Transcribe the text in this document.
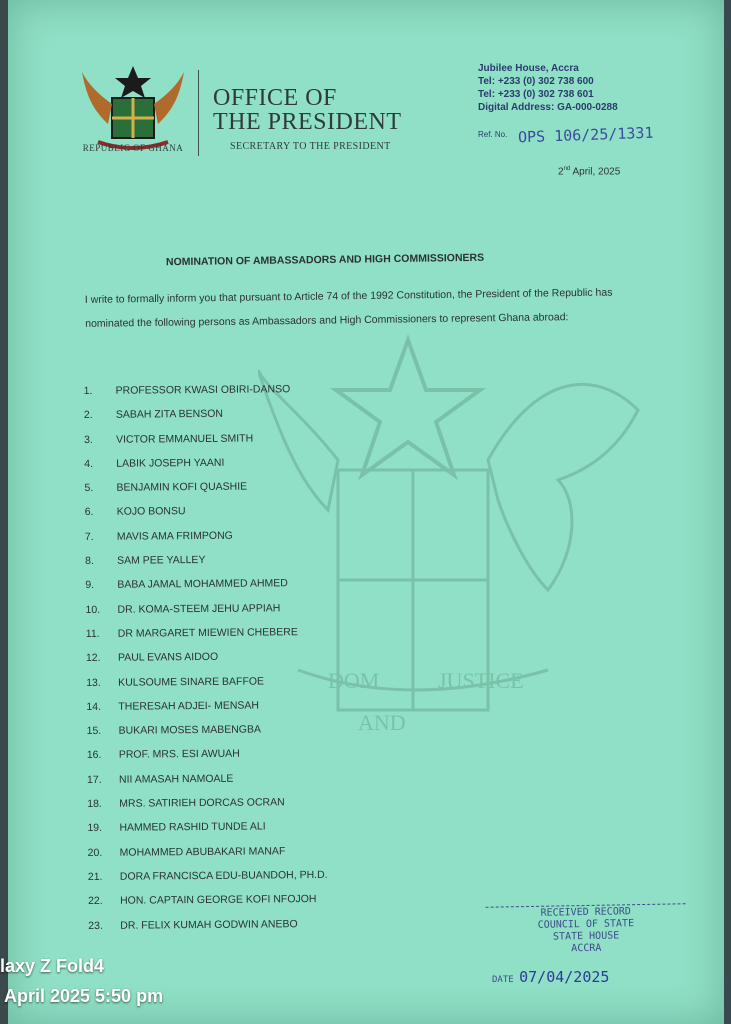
DOM	JUSTICE
AND
REPUBLIC OF GHANA
OFFICE OF
THE PRESIDENT
SECRETARY TO THE PRESIDENT
Jubilee House, Accra
Tel: +233 (0) 302 738 600
Tel: +233 (0) 302 738 601
Digital Address: GA-000-0288
Ref. No. OPS 106/25/1331
2nd April, 2025
NOMINATION OF AMBASSADORS AND HIGH COMMISSIONERS
I write to formally inform you that pursuant to Article 74 of the 1992 Constitution, the President of the Republic has nominated the following persons as Ambassadors and High Commissioners to represent Ghana abroad:
1.	PROFESSOR KWASI OBIRI-DANSO
2.	SABAH ZITA BENSON
3.	VICTOR EMMANUEL SMITH
4.	LABIK JOSEPH YAANI
5.	BENJAMIN KOFI QUASHIE
6.	KOJO BONSU
7.	MAVIS AMA FRIMPONG
8.	SAM PEE YALLEY
9.	BABA JAMAL MOHAMMED AHMED
10.	DR. KOMA-STEEM JEHU APPIAH
11.	DR MARGARET MIEWIEN CHEBERE
12.	PAUL EVANS AIDOO
13.	KULSOUME SINARE BAFFOE
14.	THERESAH ADJEI- MENSAH
15.	BUKARI MOSES MABENGBA
16.	PROF. MRS. ESI AWUAH
17.	NII AMASAH NAMOALE
18.	MRS. SATIRIEH DORCAS OCRAN
19.	HAMMED RASHID TUNDE ALI
20.	MOHAMMED ABUBAKARI MANAF
21.	DORA FRANCISCA EDU-BUANDOH, PH.D.
22.	HON. CAPTAIN GEORGE KOFI NFOJOH
23.	DR. FELIX KUMAH GODWIN ANEBO
RECEIVED RECORD
COUNCIL OF STATE
STATE HOUSE
ACCRA
DATE 07/04/2025
laxy Z Fold4
April 2025 5:50 pm
